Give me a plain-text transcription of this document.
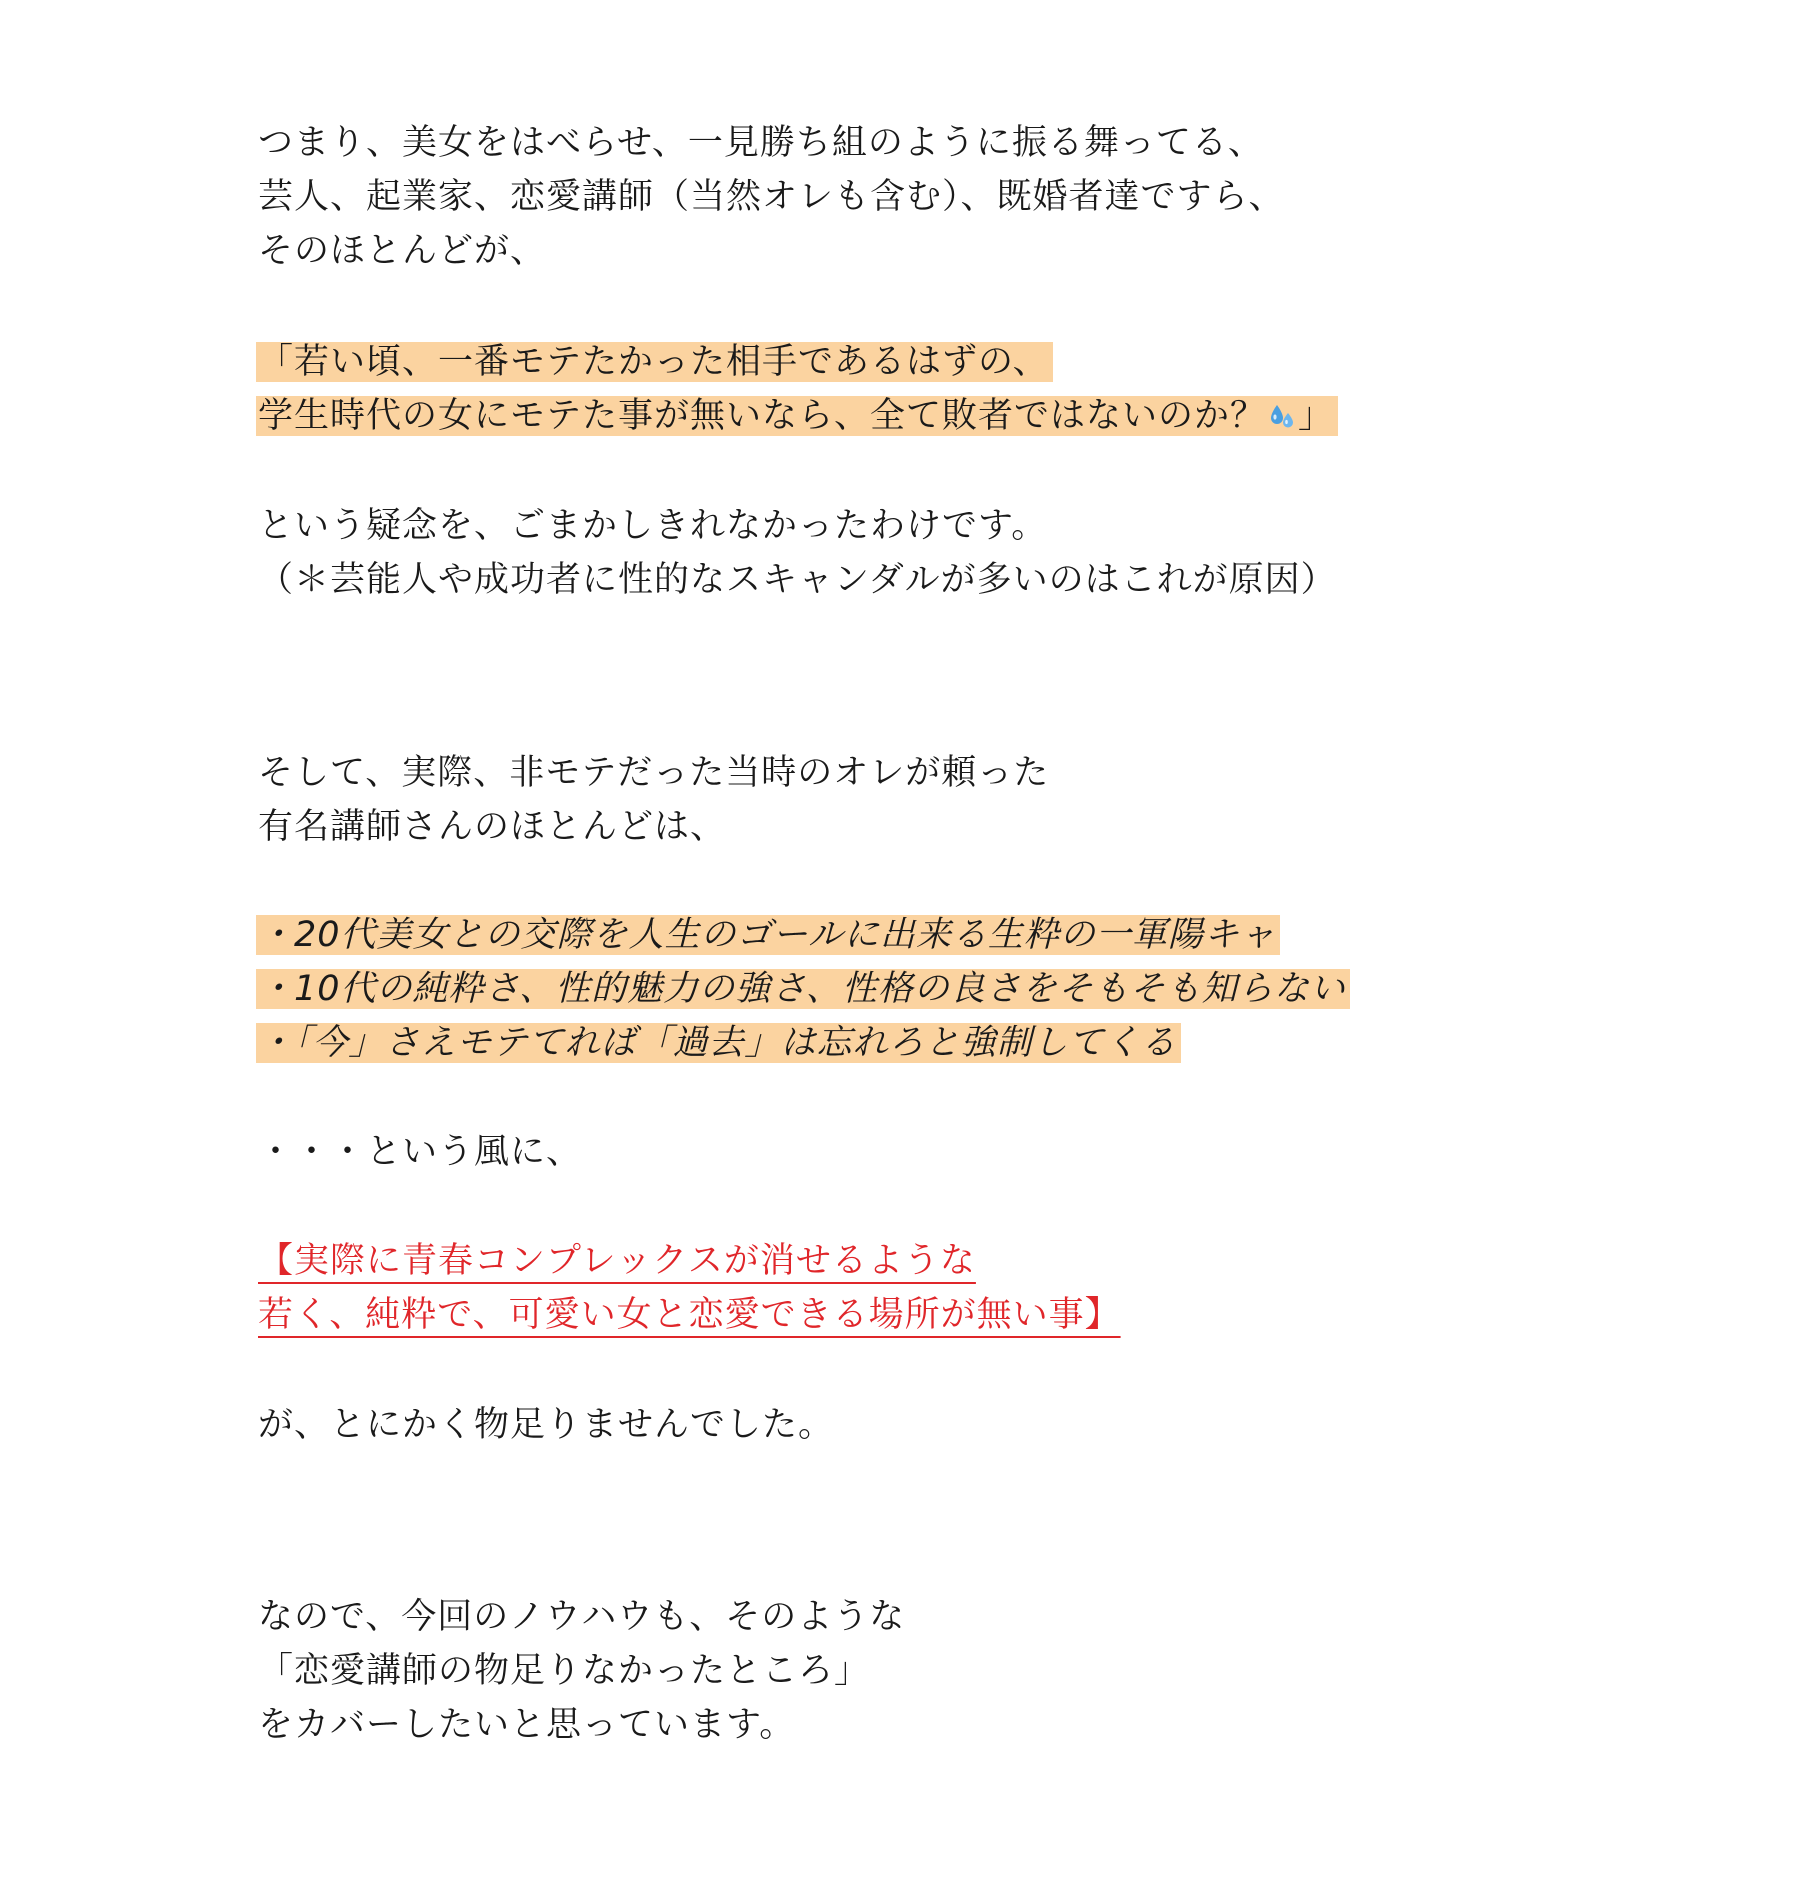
つまり、美女をはべらせ、一見勝ち組のように振る舞ってる、
芸人、起業家、恋愛講師（当然オレも含む）、既婚者達ですら、
そのほとんどが、
「若い頃、一番モテたかった相手であるはずの、
学生時代の女にモテた事が無いなら、全て敗者ではないのか？ 」
という疑念を、ごまかしきれなかったわけです。
（＊芸能人や成功者に性的なスキャンダルが多いのはこれが原因）
そして、実際、非モテだった当時のオレが頼った
有名講師さんのほとんどは、
・20代美女との交際を人生のゴールに出来る生粋の一軍陽キャ
・10代の純粋さ、性的魅力の強さ、性格の良さをそもそも知らない
・「今」さえモテてれば「過去」は忘れろと強制してくる
・・・という風に、
【実際に青春コンプレックスが消せるような
若く、純粋で、可愛い女と恋愛できる場所が無い事】
が、とにかく物足りませんでした。
なので、今回のノウハウも、そのような
「恋愛講師の物足りなかったところ」
をカバーしたいと思っています。
